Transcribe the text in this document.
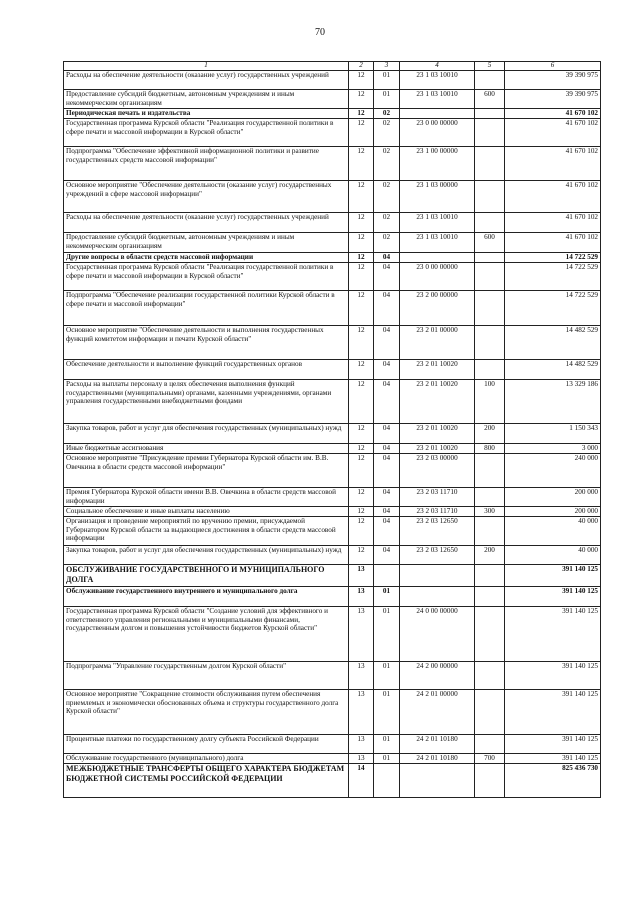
70
1	2	3	4	5	6
Расходы на обеспечение деятельности (оказание услуг) государственных учреждений	12	01	23 1 03 10010		39 390 975
Предоставление субсидий бюджетным, автономным учреждениям и иным некоммерческим организациям	12	01	23 1 03 10010	600	39 390 975
Периодическая печать и издательства	12	02			41 670 102
Государственная программа Курской области "Реализация государственной политики в сфере печати и массовой информации в Курской области"	12	02	23 0 00 00000		41 670 102
Подпрограмма "Обеспечение эффективной информационной политики и развитие государственных средств массовой информации"	12	02	23 1 00 00000		41 670 102
Основное мероприятие "Обеспечение деятельности (оказание услуг) государственных учреждений в сфере массовой информации"	12	02	23 1 03 00000		41 670 102
Расходы на обеспечение деятельности (оказание услуг) государственных учреждений	12	02	23 1 03 10010		41 670 102
Предоставление субсидий бюджетным, автономным учреждениям и иным некоммерческим организациям	12	02	23 1 03 10010	600	41 670 102
Другие вопросы в области средств массовой информации	12	04			14 722 529
Государственная программа Курской области "Реализация государственной политики в сфере печати и массовой информации в Курской области"	12	04	23 0 00 00000		14 722 529
Подпрограмма "Обеспечение реализации государственной политики Курской области в сфере печати и массовой информации"	12	04	23 2 00 00000		14 722 529
Основное мероприятие "Обеспечение деятельности и выполнения государственных функций комитетом информации и печати Курской области"	12	04	23 2 01 00000		14 482 529
Обеспечение деятельности и выполнение функций государственных органов	12	04	23 2 01 10020		14 482 529
Расходы на выплаты персоналу в целях обеспечения выполнения функций государственными (муниципальными) органами, казенными учреждениями, органами управления государственными внебюджетными фондами	12	04	23 2 01 10020	100	13 329 186
Закупка товаров, работ и услуг для обеспечения государственных (муниципальных) нужд	12	04	23 2 01 10020	200	1 150 343
Иные бюджетные ассигнования	12	04	23 2 01 10020	800	3 000
Основное мероприятие "Присуждение премии Губернатора Курской области им. В.В. Овечкина в области средств массовой информации"	12	04	23 2 03 00000		240 000
Премия Губернатора Курской области имени В.В. Овечкина в области средств массовой информации	12	04	23 2 03 11710		200 000
Социальное обеспечение и иные выплаты населению	12	04	23 2 03 11710	300	200 000
Организация и проведение мероприятий по вручению премии, присуждаемой Губернатором Курской области за выдающиеся достижения в области средств массовой информации	12	04	23 2 03 12650		40 000
Закупка товаров, работ и услуг для обеспечения государственных (муниципальных) нужд	12	04	23 2 03 12650	200	40 000
ОБСЛУЖИВАНИЕ ГОСУДАРСТВЕННОГО И МУНИЦИПАЛЬНОГО ДОЛГА	13				391 140 125
Обслуживание государственного внутреннего и муниципального долга	13	01			391 140 125
Государственная программа Курской области "Создание условий для эффективного и ответственного управления региональными и муниципальными финансами, государственным долгом и повышения устойчивости бюджетов Курской области"	13	01	24 0 00 00000		391 140 125
Подпрограмма "Управление государственным долгом Курской области"	13	01	24 2 00 00000		391 140 125
Основное мероприятие "Сокращение стоимости обслуживания путем обеспечения приемлемых и экономически обоснованных объема и структуры государственного долга Курской области"	13	01	24 2 01 00000		391 140 125
Процентные платежи по государственному долгу субъекта Российской Федерации	13	01	24 2 01 10180		391 140 125
Обслуживание государственного (муниципального) долга	13	01	24 2 01 10180	700	391 140 125
МЕЖБЮДЖЕТНЫЕ ТРАНСФЕРТЫ ОБЩЕГО ХАРАКТЕРА БЮДЖЕТАМ БЮДЖЕТНОЙ СИСТЕМЫ РОССИЙСКОЙ ФЕДЕРАЦИИ	14				825 436 730
